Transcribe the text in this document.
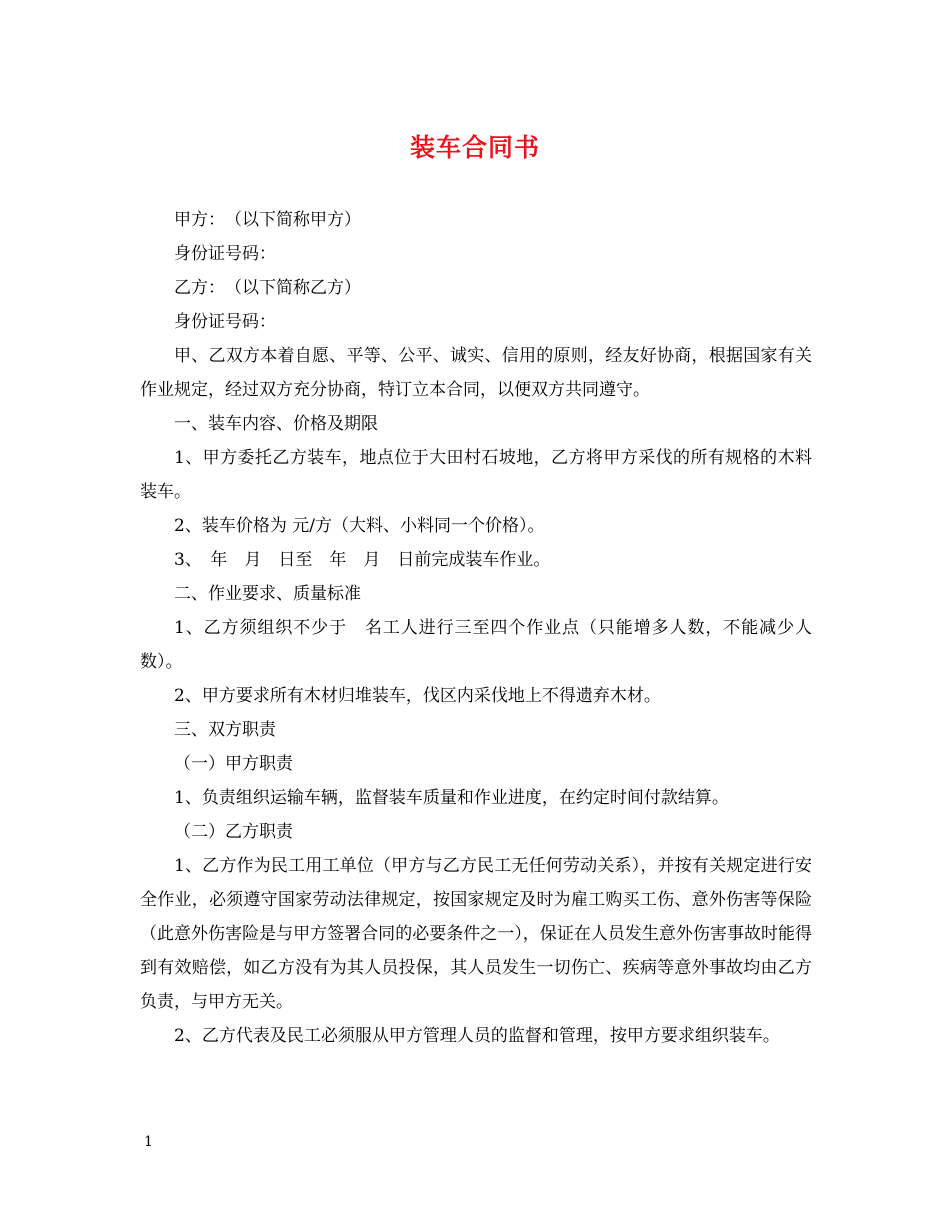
装车合同书

甲方：　（以下简称甲方）

身份证号码：

乙方：　（以下简称乙方）

身份证号码：

甲、乙双方本着自愿、平等、公平、诚实、信用的原则，经友好协商，根据国家有关作业规定，经过双方充分协商，特订立本合同，以便双方共同遵守。

一、装车内容、价格及期限

1、甲方委托乙方装车，地点位于大田村石坡地，乙方将甲方采伐的所有规格的木料装车。

2、装车价格为 元/方（大料、小料同一个价格）。

3、　年　月　日至　年　月　日前完成装车作业。

二、作业要求、质量标准

1、乙方须组织不少于　名工人进行三至四个作业点（只能增多人数，不能减少人数）。

2、甲方要求所有木材归堆装车，伐区内采伐地上不得遗弃木材。

三、双方职责

（一）甲方职责

1、负责组织运输车辆，监督装车质量和作业进度，在约定时间付款结算。

（二）乙方职责

1、乙方作为民工用工单位（甲方与乙方民工无任何劳动关系），并按有关规定进行安全作业，必须遵守国家劳动法律规定，按国家规定及时为雇工购买工伤、意外伤害等保险（此意外伤害险是与甲方签署合同的必要条件之一），保证在人员发生意外伤害事故时能得到有效赔偿，如乙方没有为其人员投保，其人员发生一切伤亡、疾病等意外事故均由乙方负责，与甲方无关。

2、乙方代表及民工必须服从甲方管理人员的监督和管理，按甲方要求组织装车。

1
